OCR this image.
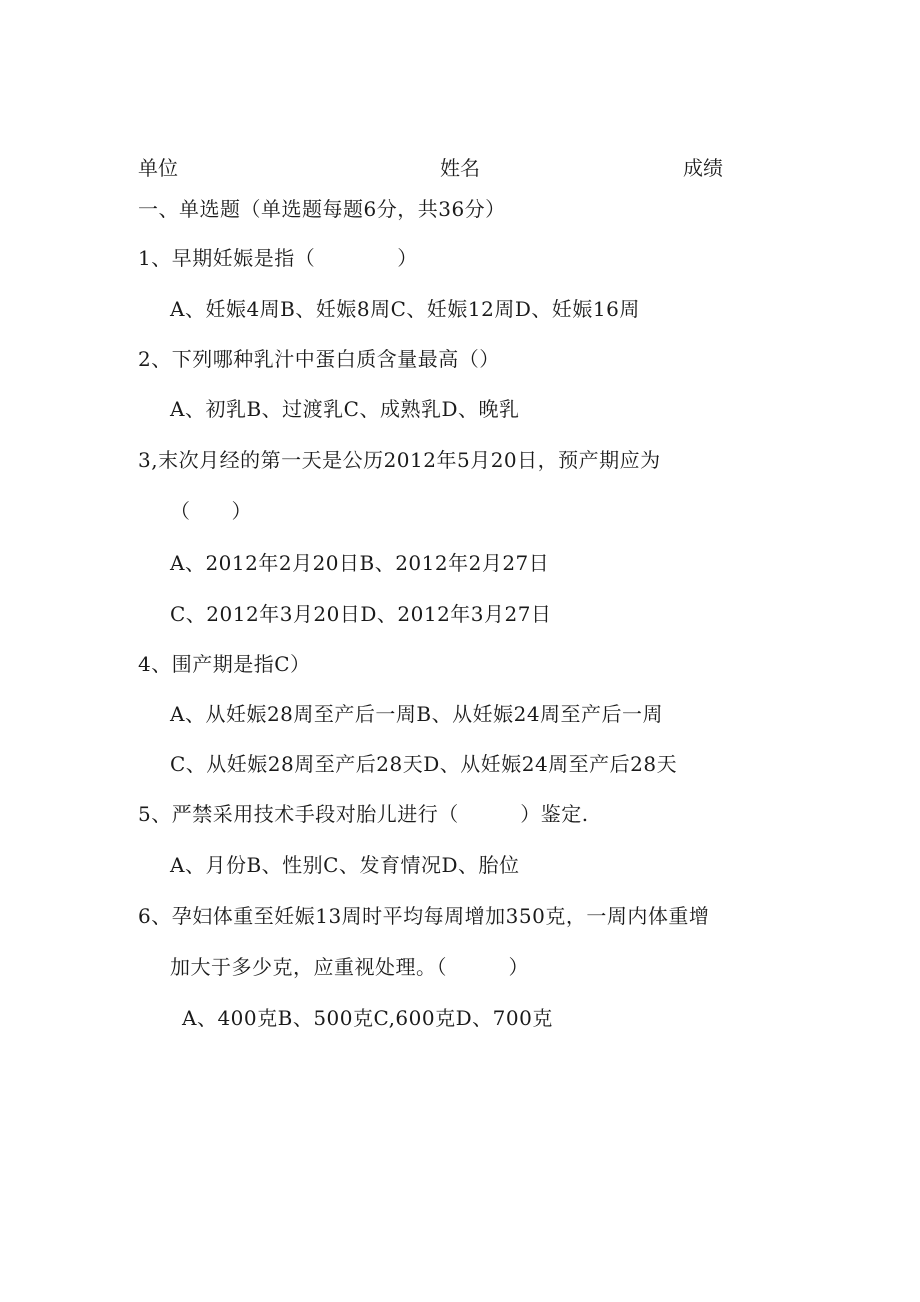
单位	姓名	成绩
一、单选题（单选题每题6分，共36分）
1、早期妊娠是指（　　　　）
A、妊娠4周B、妊娠8周C、妊娠12周D、妊娠16周
2、下列哪种乳汁中蛋白质含量最高（）
A、初乳B、过渡乳C、成熟乳D、晚乳
3,末次月经的第一天是公历2012年5月20日，预产期应为
（　　）
A、2012年2月20日B、2012年2月27日
C、2012年3月20日D、2012年3月27日
4、围产期是指C）
A、从妊娠28周至产后一周B、从妊娠24周至产后一周
C、从妊娠28周至产后28天D、从妊娠24周至产后28天
5、严禁采用技术手段对胎儿进行（　　　）鉴定.
A、月份B、性别C、发育情况D、胎位
6、孕妇体重至妊娠13周时平均每周增加350克，一周内体重增
加大于多少克，应重视处理。（　　　）
A、400克B、500克C,600克D、700克
